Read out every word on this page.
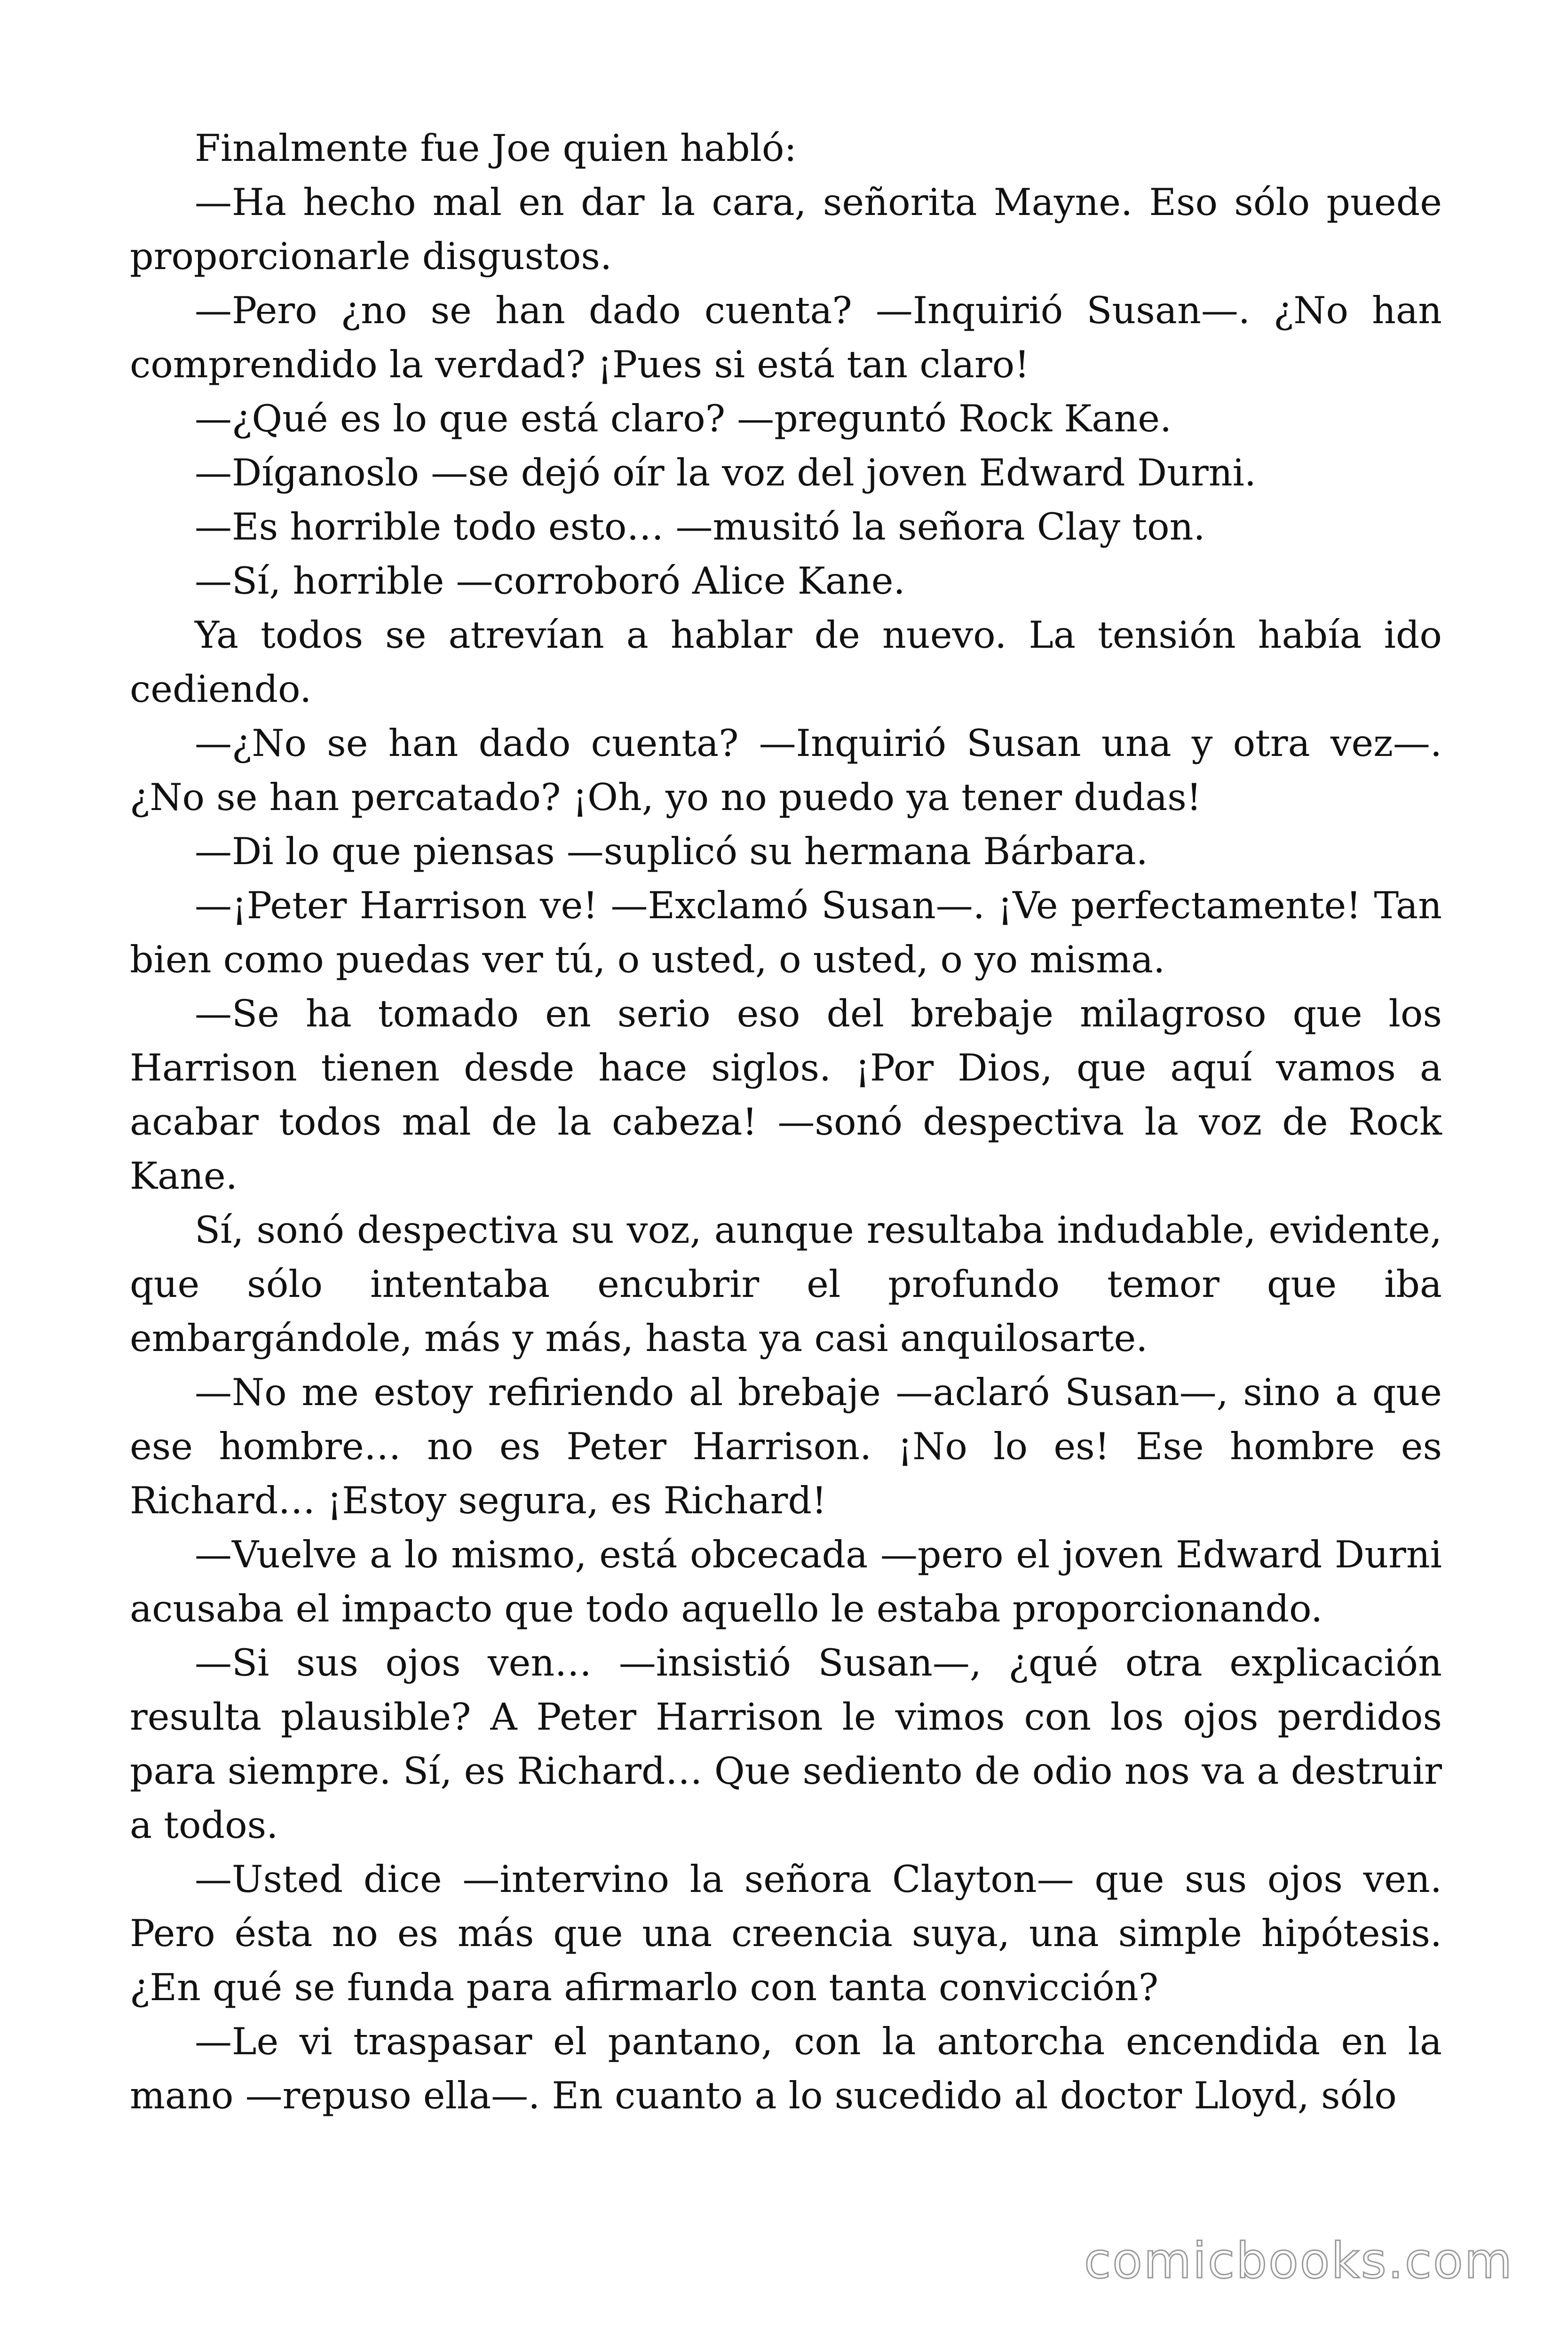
Finalmente fue Joe quien habló:

—Ha hecho mal en dar la cara, señorita Mayne. Eso sólo puede proporcionarle disgustos.

—Pero ¿no se han dado cuenta? —Inquirió Susan—. ¿No han comprendido la verdad? ¡Pues si está tan claro!

—¿Qué es lo que está claro? —preguntó Rock Kane.

—Díganoslo —se dejó oír la voz del joven Edward Durni.

—Es horrible todo esto… —musitó la señora Clay ton.

—Sí, horrible —corroboró Alice Kane.

Ya todos se atrevían a hablar de nuevo. La tensión había ido cediendo.

—¿No se han dado cuenta? —Inquirió Susan una y otra vez—. ¿No se han percatado? ¡Oh, yo no puedo ya tener dudas!

—Di lo que piensas —suplicó su hermana Bárbara.

—¡Peter Harrison ve! —Exclamó Susan—. ¡Ve perfectamente! Tan bien como puedas ver tú, o usted, o usted, o yo misma.

—Se ha tomado en serio eso del brebaje milagroso que los Harrison tienen desde hace siglos. ¡Por Dios, que aquí vamos a acabar todos mal de la cabeza! —sonó despectiva la voz de Rock Kane.

Sí, sonó despectiva su voz, aunque resultaba indudable, evidente, que sólo intentaba encubrir el profundo temor que iba embargándole, más y más, hasta ya casi anquilosarte.

—No me estoy refiriendo al brebaje —aclaró Susan—, sino a que ese hombre… no es Peter Harrison. ¡No lo es! Ese hombre es Richard… ¡Estoy segura, es Richard!

—Vuelve a lo mismo, está obcecada —pero el joven Edward Durni acusaba el impacto que todo aquello le estaba proporcionando.

—Si sus ojos ven… —insistió Susan—, ¿qué otra explicación resulta plausible? A Peter Harrison le vimos con los ojos perdidos para siempre. Sí, es Richard… Que sediento de odio nos va a destruir a todos.

—Usted dice —intervino la señora Clayton— que sus ojos ven. Pero ésta no es más que una creencia suya, una simple hipótesis. ¿En qué se funda para afirmarlo con tanta convicción?

—Le vi traspasar el pantano, con la antorcha encendida en la mano —repuso ella—. En cuanto a lo sucedido al doctor Lloyd, sólo

comicbooks.com
